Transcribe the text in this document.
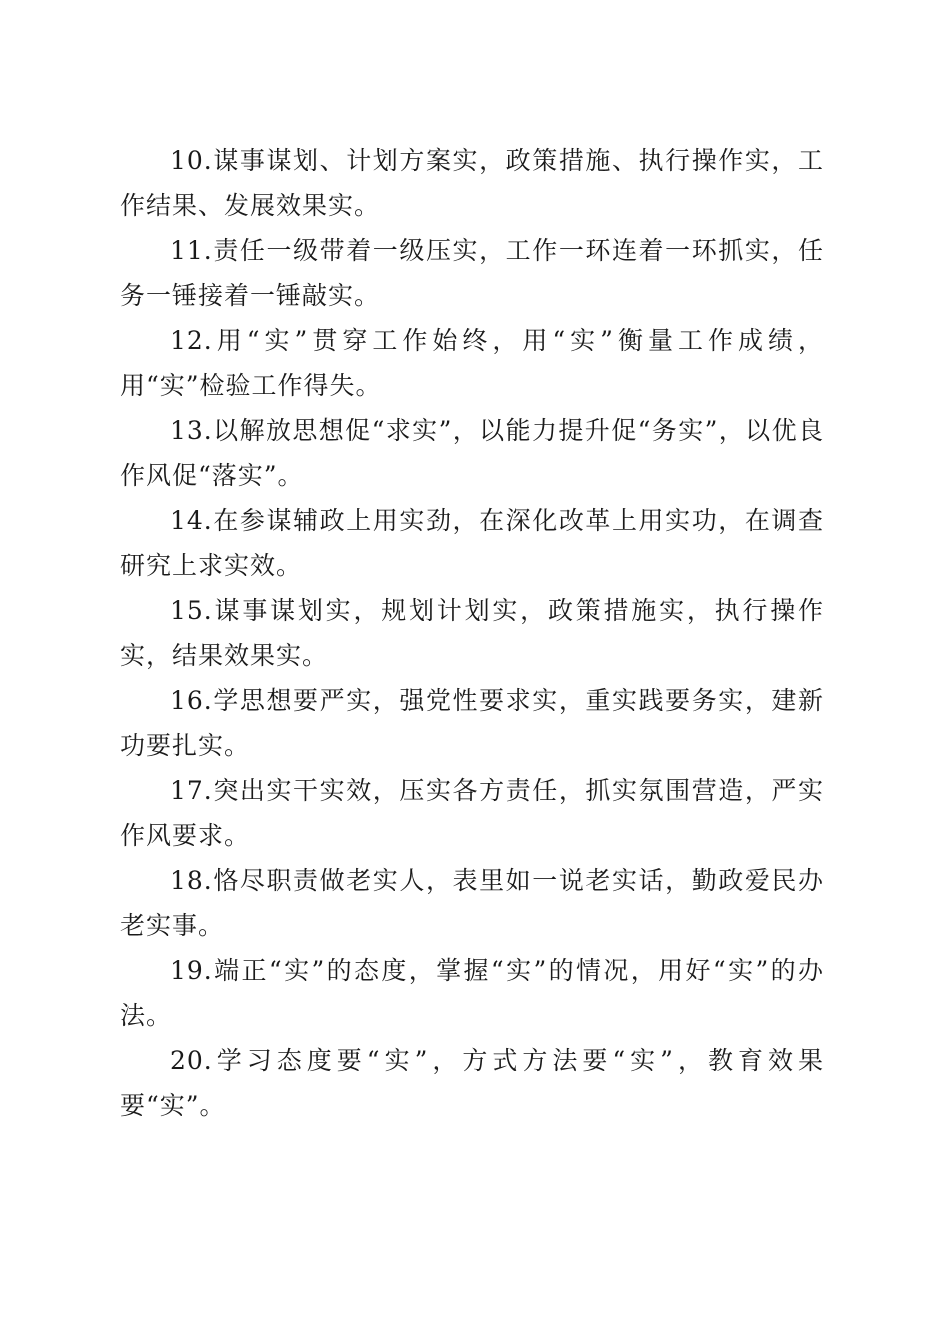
10.谋事谋划、计划方案实，政策措施、执行操作实，工作结果、发展效果实。

11.责任一级带着一级压实，工作一环连着一环抓实，任务一锤接着一锤敲实。

12.用“实”贯穿工作始终，用“实”衡量工作成绩，用“实”检验工作得失。

13.以解放思想促“求实”，以能力提升促“务实”，以优良作风促“落实”。

14.在参谋辅政上用实劲，在深化改革上用实功，在调查研究上求实效。

15.谋事谋划实，规划计划实，政策措施实，执行操作实，结果效果实。

16.学思想要严实，强党性要求实，重实践要务实，建新功要扎实。

17.突出实干实效，压实各方责任，抓实氛围营造，严实作风要求。

18.恪尽职责做老实人，表里如一说老实话，勤政爱民办老实事。

19.端正“实”的态度，掌握“实”的情况，用好“实”的办法。

20.学习态度要“实”，方式方法要“实”，教育效果要“实”。
